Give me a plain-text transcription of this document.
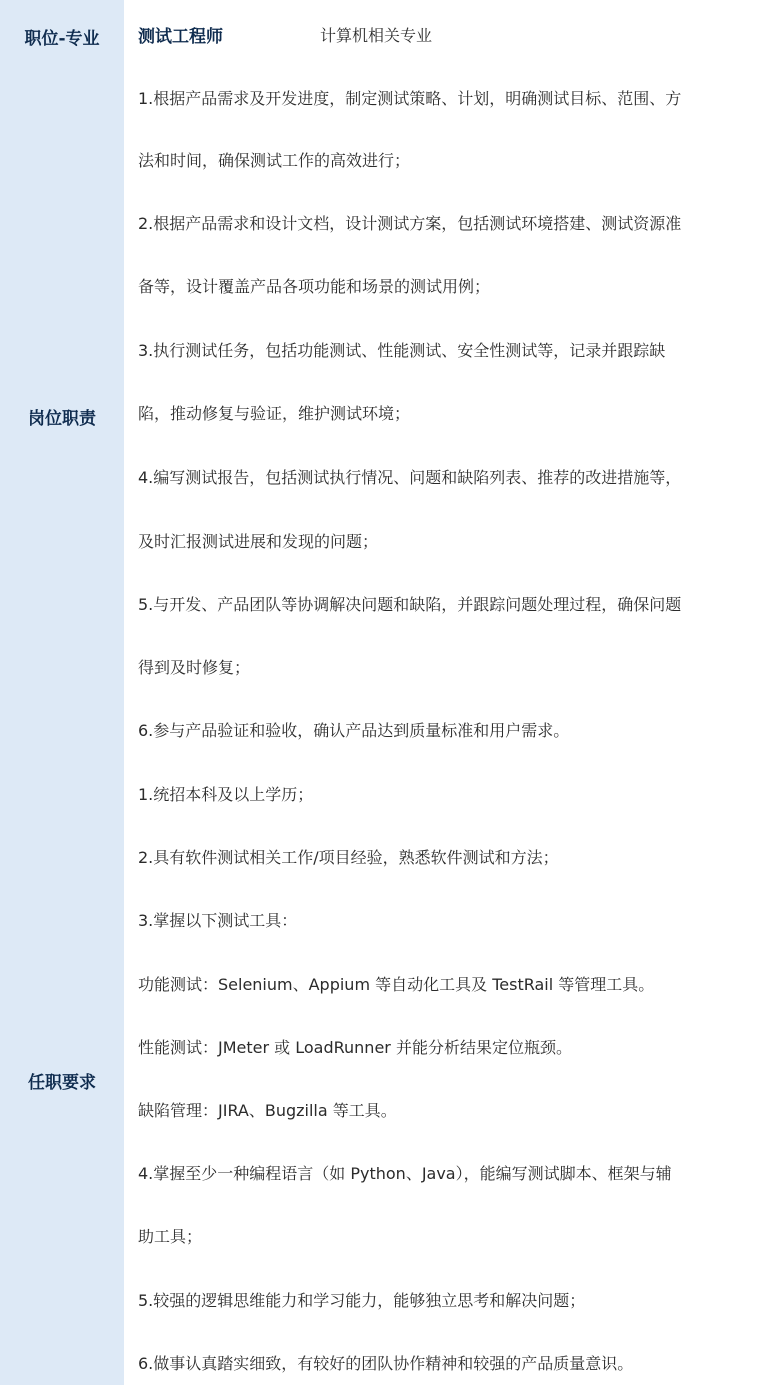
职位-专业
岗位职责
任职要求
测试工程师	计算机相关专业
1.根据产品需求及开发进度，制定测试策略、计划，明确测试目标、范围、方
法和时间，确保测试工作的高效进行；
2.根据产品需求和设计文档，设计测试方案，包括测试环境搭建、测试资源准
备等，设计覆盖产品各项功能和场景的测试用例；
3.执行测试任务，包括功能测试、性能测试、安全性测试等，记录并跟踪缺
陷，推动修复与验证，维护测试环境；
4.编写测试报告，包括测试执行情况、问题和缺陷列表、推荐的改进措施等，
及时汇报测试进展和发现的问题；
5.与开发、产品团队等协调解决问题和缺陷，并跟踪问题处理过程，确保问题
得到及时修复；
6.参与产品验证和验收，确认产品达到质量标准和用户需求。
1.统招本科及以上学历；
2.具有软件测试相关工作/项目经验，熟悉软件测试和方法；
3.掌握以下测试工具：
功能测试：Selenium、Appium 等自动化工具及 TestRail 等管理工具。
性能测试：JMeter 或 LoadRunner 并能分析结果定位瓶颈。
缺陷管理：JIRA、Bugzilla 等工具。
4.掌握至少一种编程语言（如 Python、Java），能编写测试脚本、框架与辅
助工具；
5.较强的逻辑思维能力和学习能力，能够独立思考和解决问题；
6.做事认真踏实细致，有较好的团队协作精神和较强的产品质量意识。
